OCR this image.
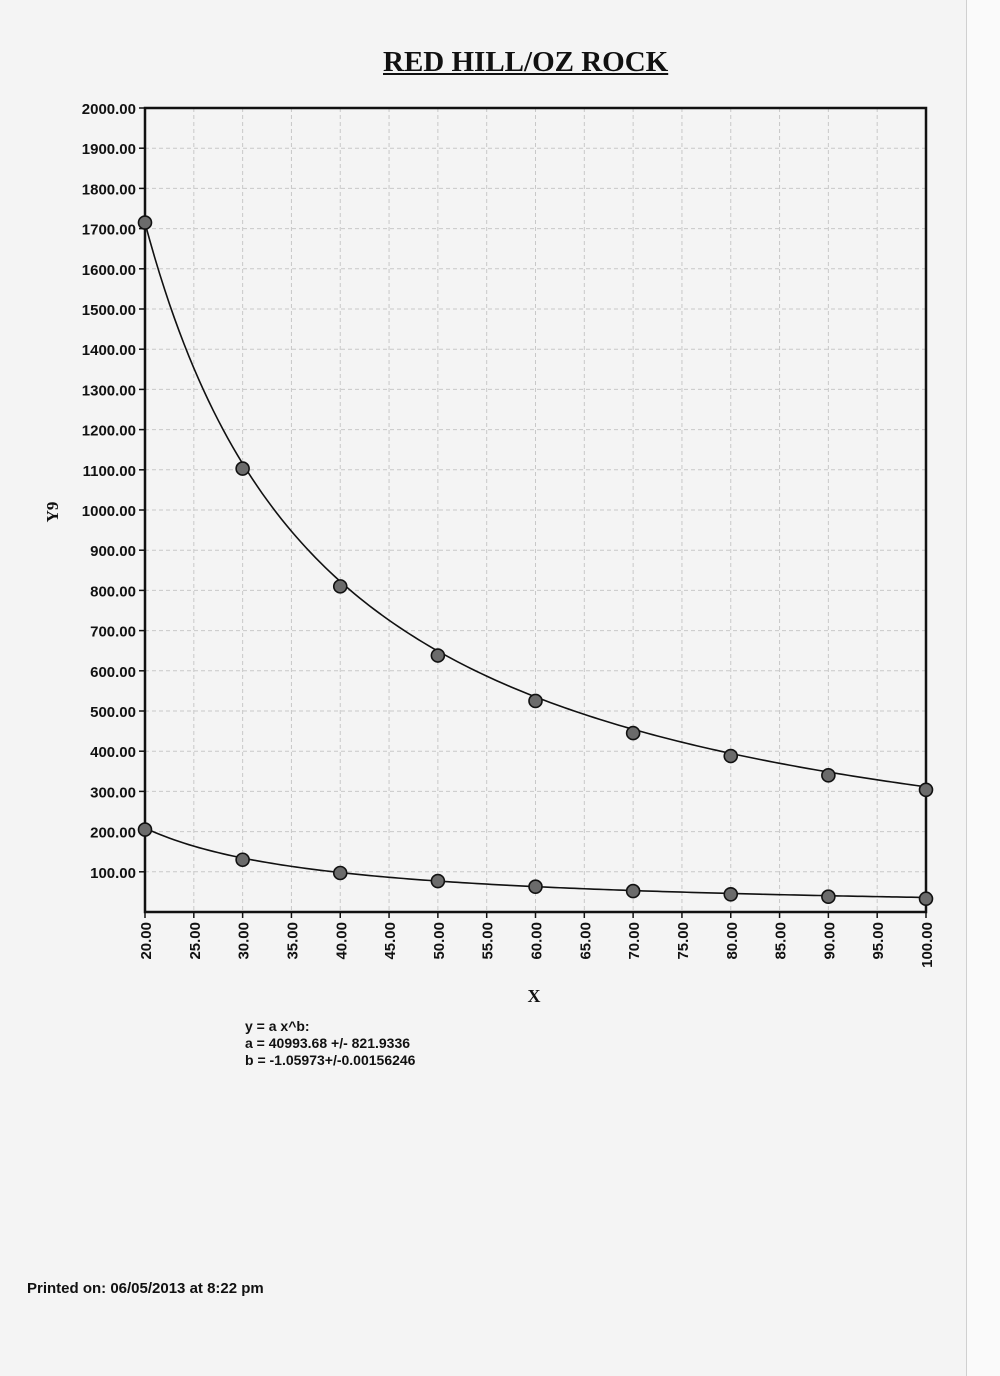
RED HILL/OZ ROCK
100.00
200.00
300.00
400.00
500.00
600.00
700.00
800.00
900.00
1000.00
1100.00
1200.00
1300.00
1400.00
1500.00
1600.00
1700.00
1800.00
1900.00
2000.00
20.00 25.00 30.00 35.00 40.00 45.00 50.00 55.00 60.00 65.00 70.00 75.00 80.00 85.00 90.00 95.00 100.00
Y9
X
y = a x^b:
a = 40993.68 +/- 821.9336
b = -1.05973+/-0.00156246
Printed on: 06/05/2013 at 8:22 pm
